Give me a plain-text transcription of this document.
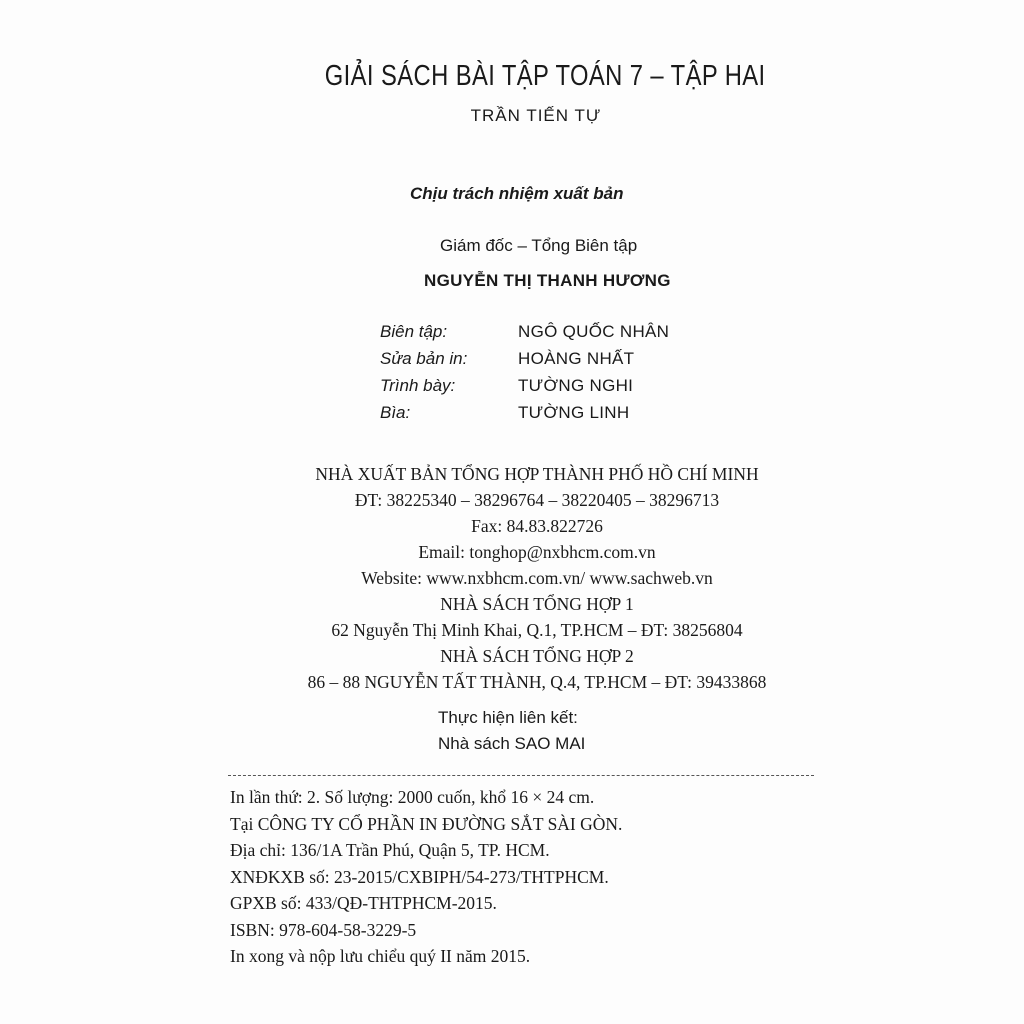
GIẢI SÁCH BÀI TẬP TOÁN 7 – TẬP HAI
TRẦN TIẾN TỰ
Chịu trách nhiệm xuất bản
Giám đốc – Tổng Biên tập
NGUYỄN THỊ THANH HƯƠNG
Biên tập:	NGÔ QUỐC NHÂN
Sửa bản in:	HOÀNG NHẤT
Trình bày:	TƯỜNG NGHI
Bìa:	TƯỜNG LINH
NHÀ XUẤT BẢN TỔNG HỢP THÀNH PHỐ HỒ CHÍ MINH
ĐT: 38225340 – 38296764 – 38220405 – 38296713
Fax: 84.83.822726
Email: tonghop@nxbhcm.com.vn
Website: www.nxbhcm.com.vn/ www.sachweb.vn
NHÀ SÁCH TỔNG HỢP 1
62 Nguyễn Thị Minh Khai, Q.1, TP.HCM – ĐT: 38256804
NHÀ SÁCH TỔNG HỢP 2
86 – 88 NGUYỄN TẤT THÀNH, Q.4, TP.HCM – ĐT: 39433868
Thực hiện liên kết:
Nhà sách SAO MAI
In lần thứ: 2. Số lượng: 2000 cuốn, khổ 16 × 24 cm.
Tại CÔNG TY CỔ PHẦN IN ĐƯỜNG SẮT SÀI GÒN.
Địa chỉ: 136/1A Trần Phú, Quận 5, TP. HCM.
XNĐKXB số: 23-2015/CXBIPH/54-273/THTPHCM.
GPXB số: 433/QĐ-THTPHCM-2015.
ISBN: 978-604-58-3229-5
In xong và nộp lưu chiểu quý II năm 2015.
